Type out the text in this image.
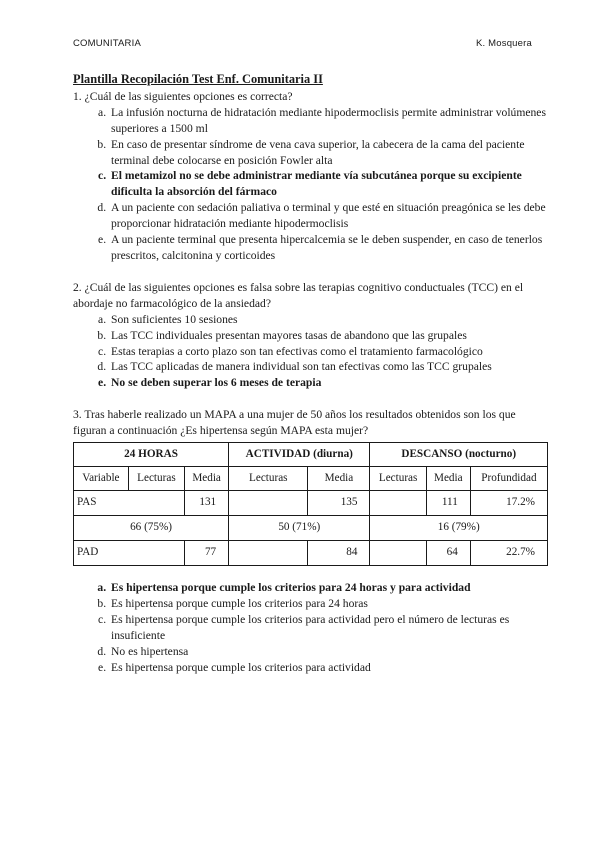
COMUNITARIA	K. Mosquera
Plantilla Recopilación Test Enf. Comunitaria II

1. ¿Cuál de las siguientes opciones es correcta?

a. La infusión nocturna de hidratación mediante hipodermoclisis permite administrar volúmenes superiores a 1500 ml
b. En caso de presentar síndrome de vena cava superior, la cabecera de la cama del paciente terminal debe colocarse en posición Fowler alta
c. El metamizol no se debe administrar mediante vía subcutánea porque su excipiente dificulta la absorción del fármaco
d. A un paciente con sedación paliativa o terminal y que esté en situación preagónica se les debe proporcionar hidratación mediante hipodermoclisis
e. A un paciente terminal que presenta hipercalcemia se le deben suspender, en caso de tenerlos prescritos, calcitonina y corticoides

2. ¿Cuál de las siguientes opciones es falsa sobre las terapias cognitivo conductuales (TCC) en el abordaje no farmacológico de la ansiedad?

a. Son suficientes 10 sesiones
b. Las TCC individuales presentan mayores tasas de abandono que las grupales
c. Estas terapias a corto plazo son tan efectivas como el tratamiento farmacológico
d. Las TCC aplicadas de manera individual son tan efectivas como las TCC grupales
e. No se deben superar los 6 meses de terapia

3. Tras haberle realizado un MAPA a una mujer de 50 años los resultados obtenidos son los que figuran a continuación ¿Es hipertensa según MAPA esta mujer?

24 HORAS			ACTIVIDAD (diurna)		DESCANSO (nocturno)		
Variable	Lecturas	Media	Lecturas	Media	Lecturas	Media	Profundidad
PAS		131		135		111	17.2%
66 (75%)			50 (71%)		16 (79%)		
PAD		77		84		64	22.7%
a. Es hipertensa porque cumple los criterios para 24 horas y para actividad
b. Es hipertensa porque cumple los criterios para 24 horas
c. Es hipertensa porque cumple los criterios para actividad pero el número de lecturas es insuficiente
d. No es hipertensa
e. Es hipertensa porque cumple los criterios para actividad
